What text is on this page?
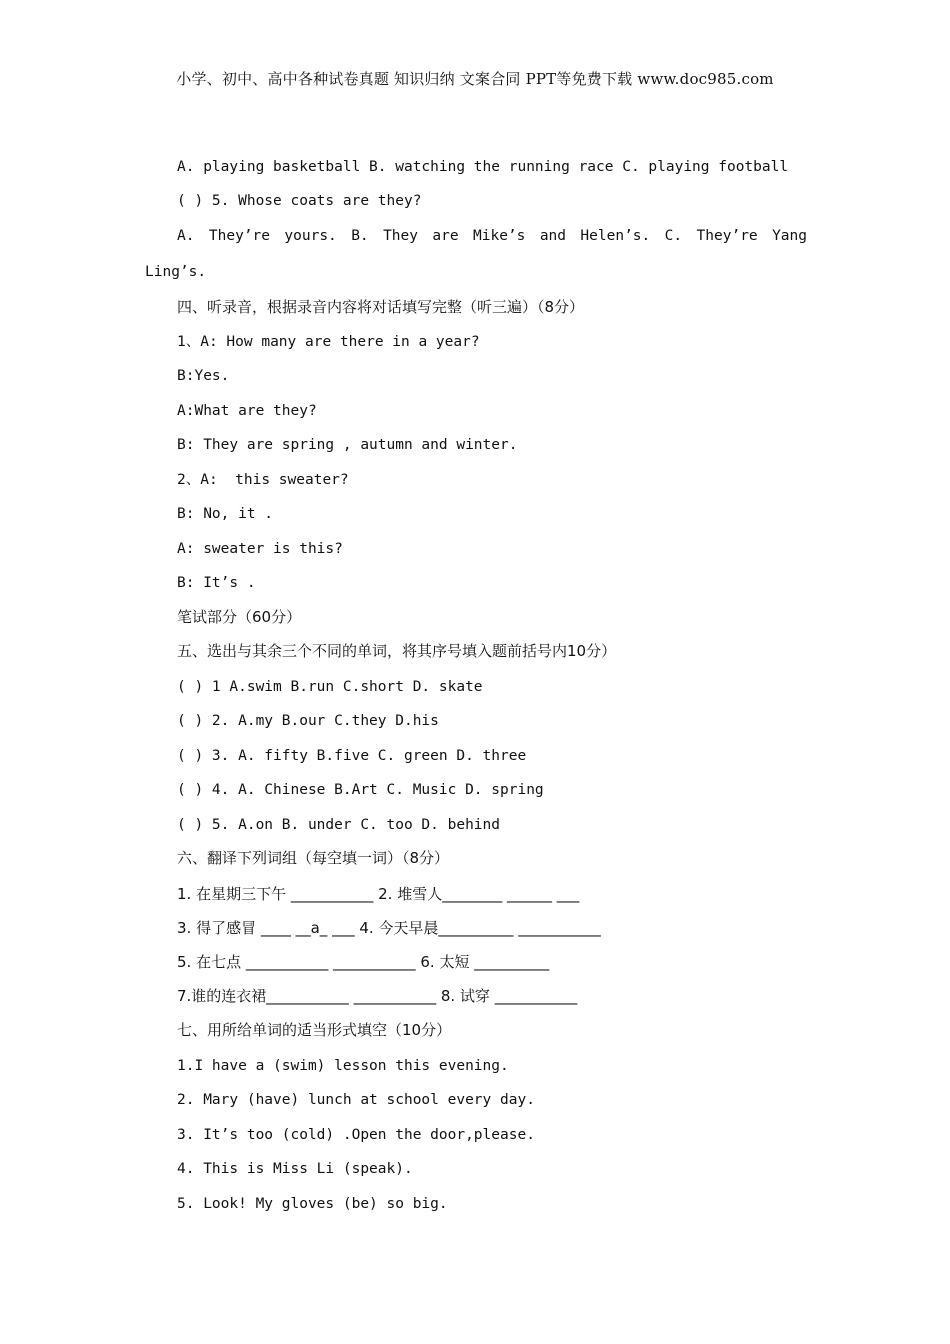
小学、初中、高中各种试卷真题 知识归纳 文案合同 PPT等免费下载 www.doc985.com
A. playing basketball B. watching the running race C. playing football
( ) 5. Whose coats are they?
A. They’re yours. B. They are Mike’s and Helen’s. C. They’re Yang
Ling’s.
四、听录音，根据录音内容将对话填写完整（听三遍）（8分）
1、A: How many are there in a year?
B:Yes.
A:What are they?
B: They are spring , autumn and winter.
2、A:  this sweater?
B: No, it .
A: sweater is this?
B: It’s .
笔试部分（60分）
五、选出与其余三个不同的单词，将其序号填入题前括号内10分）
( ) 1 A.swim B.run C.short D. skate
( ) 2. A.my B.our C.they D.his
( ) 3. A. fifty B.five C. green D. three
( ) 4. A. Chinese B.Art C. Music D. spring
( ) 5. A.on B. under C. too D. behind
六、翻译下列词组（每空填一词）（8分）
1. 在星期三下午 ___________ 2. 堆雪人________ ______ ___
3. 得了感冒 ____ __a_ ___ 4. 今天早晨__________ ___________
5. 在七点 ___________ ___________ 6. 太短 __________
7.谁的连衣裙___________ ___________ 8. 试穿 ___________
七、用所给单词的适当形式填空（10分）
1.I have a (swim) lesson this evening.
2. Mary (have) lunch at school every day.
3. It’s too (cold) .Open the door,please.
4. This is Miss Li (speak).
5. Look! My gloves (be) so big.
